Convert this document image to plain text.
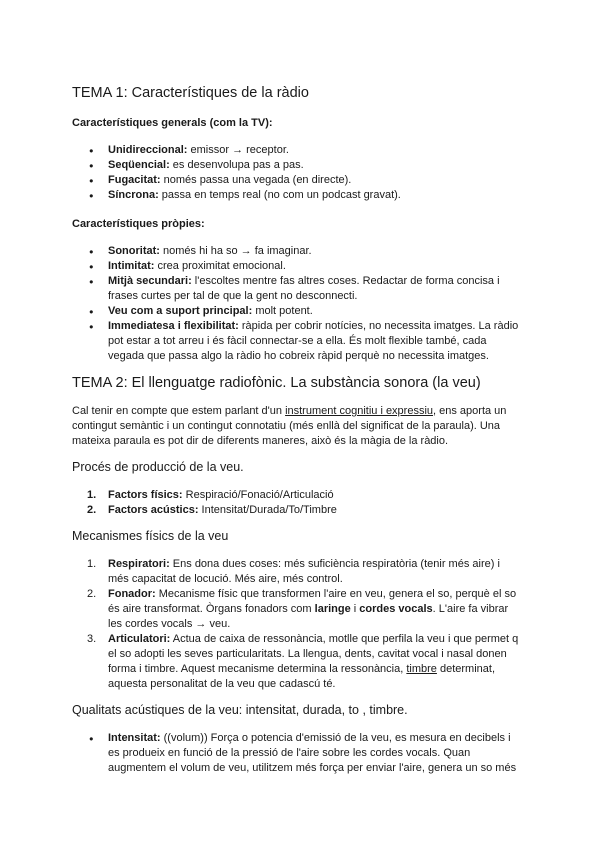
TEMA 1: Característiques de la ràdio
Característiques generals (com la TV):
● Unidireccional: emissor → receptor.
● Seqüencial: es desenvolupa pas a pas.
● Fugacitat: només passa una vegada (en directe).
● Síncrona: passa en temps real (no com un podcast gravat).
Característiques pròpies:
● Sonoritat: només hi ha so → fa imaginar.
● Intimitat: crea proximitat emocional.
● Mitjà secundari: l'escoltes mentre fas altres coses. Redactar de forma concisa i frases curtes per tal de que la gent no desconnecti.
● Veu com a suport principal: molt potent.
● Immediatesa i flexibilitat: ràpida per cobrir notícies, no necessita imatges. La ràdio pot estar a tot arreu i és fàcil connectar-se a ella. És molt flexible també, cada vegada que passa algo la ràdio ho cobreix ràpid perquè no necessita imatges.
TEMA 2: El llenguatge radiofònic. La substància sonora (la veu)

Cal tenir en compte que estem parlant d'un instrument cognitiu i expressiu, ens aporta un contingut semàntic i un contingut connotatiu (més enllà del significat de la paraula). Una mateixa paraula es pot dir de diferents maneres, això és la màgia de la ràdio.

Procés de producció de la veu.
1. Factors físics: Respiració/Fonació/Articulació
2. Factors acústics: Intensitat/Durada/To/Timbre
Mecanismes físics de la veu
1. Respiratori: Ens dona dues coses: més suficiència respiratòria (tenir més aire) i més capacitat de locució. Més aire, més control.
2. Fonador: Mecanisme físic que transformen l'aire en veu, genera el so, perquè el so és aire transformat. Òrgans fonadors com laringe i cordes vocals. L'aire fa vibrar les cordes vocals → veu.
3. Articulatori: Actua de caixa de ressonància, motlle que perfila la veu i que permet q el so adopti les seves particularitats. La llengua, dents, cavitat vocal i nasal donen forma i timbre. Aquest mecanisme determina la ressonància, timbre determinat, aquesta personalitat de la veu que cadascú té.
Qualitats acústiques de la veu: intensitat, durada, to , timbre.
● Intensitat: ((volum)) Força o potencia d'emissió de la veu, es mesura en decibels i es produeix en funció de la pressió de l'aire sobre les cordes vocals. Quan augmentem el volum de veu, utilitzem més força per enviar l'aire, genera un so més
